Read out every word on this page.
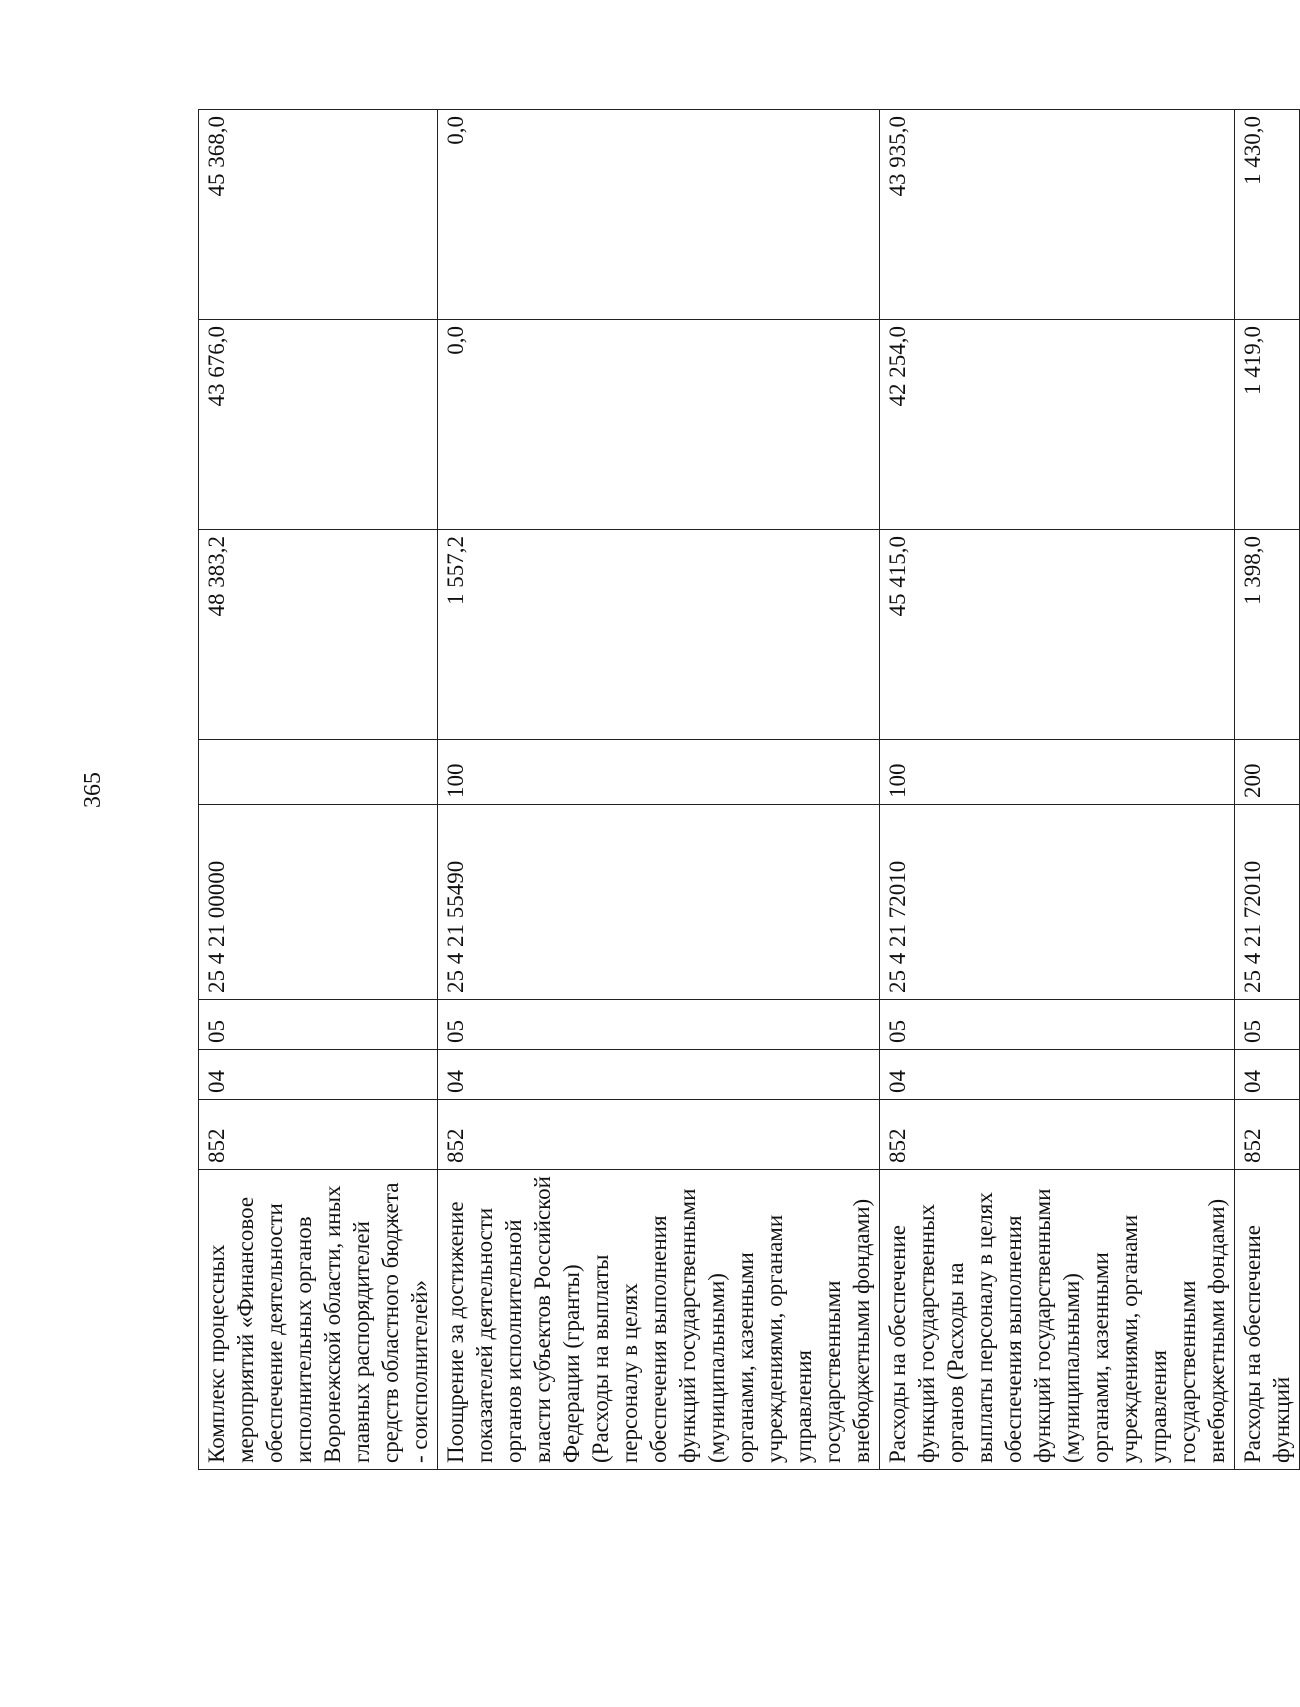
365
Комплекс процессных мероприятий «Финансовое обеспечение деятельности исполнительных органов Воронежской области, иных главных распорядителей средств областного бюджета - соисполнителей»	852	04	05	25 4 21 00000		48 383,2	43 676,0	45 368,0
Поощрение за достижение показателей деятельности органов исполнительной власти субъектов Российской Федерации (гранты) (Расходы на выплаты персоналу в целях обеспечения выполнения функций государственными (муниципальными) органами, казенными учреждениями, органами управления государственными внебюджетными фондами)	852	04	05	25 4 21 55490	100	1 557,2	0,0	0,0
Расходы на обеспечение функций государственных органов (Расходы на выплаты персоналу в целях обеспечения выполнения функций государственными (муниципальными) органами, казенными учреждениями, органами управления государственными внебюджетными фондами)	852	04	05	25 4 21 72010	100	45 415,0	42 254,0	43 935,0
Расходы на обеспечение функций	852	04	05	25 4 21 72010	200	1 398,0	1 419,0	1 430,0
